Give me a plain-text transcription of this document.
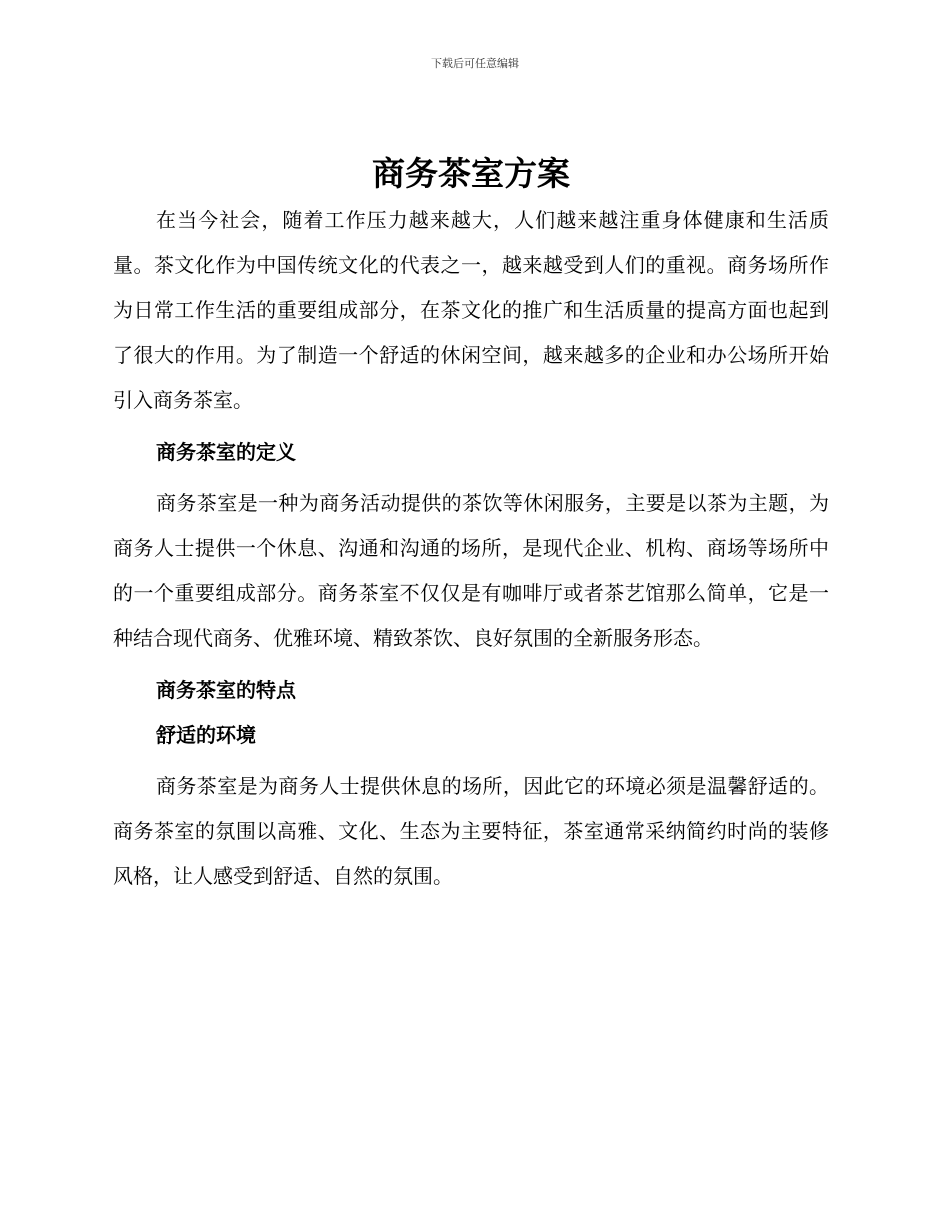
下载后可任意编辑
商务茶室方案

在当今社会，随着工作压力越来越大，人们越来越注重身体健康和生活质量。茶文化作为中国传统文化的代表之一，越来越受到人们的重视。商务场所作为日常工作生活的重要组成部分，在茶文化的推广和生活质量的提高方面也起到了很大的作用。为了制造一个舒适的休闲空间，越来越多的企业和办公场所开始引入商务茶室。

商务茶室的定义

商务茶室是一种为商务活动提供的茶饮等休闲服务，主要是以茶为主题，为商务人士提供一个休息、沟通和沟通的场所，是现代企业、机构、商场等场所中的一个重要组成部分。商务茶室不仅仅是有咖啡厅或者茶艺馆那么简单，它是一种结合现代商务、优雅环境、精致茶饮、良好氛围的全新服务形态。

商务茶室的特点
舒适的环境

商务茶室是为商务人士提供休息的场所，因此它的环境必须是温馨舒适的。商务茶室的氛围以高雅、文化、生态为主要特征，茶室通常采纳简约时尚的装修风格，让人感受到舒适、自然的氛围。
